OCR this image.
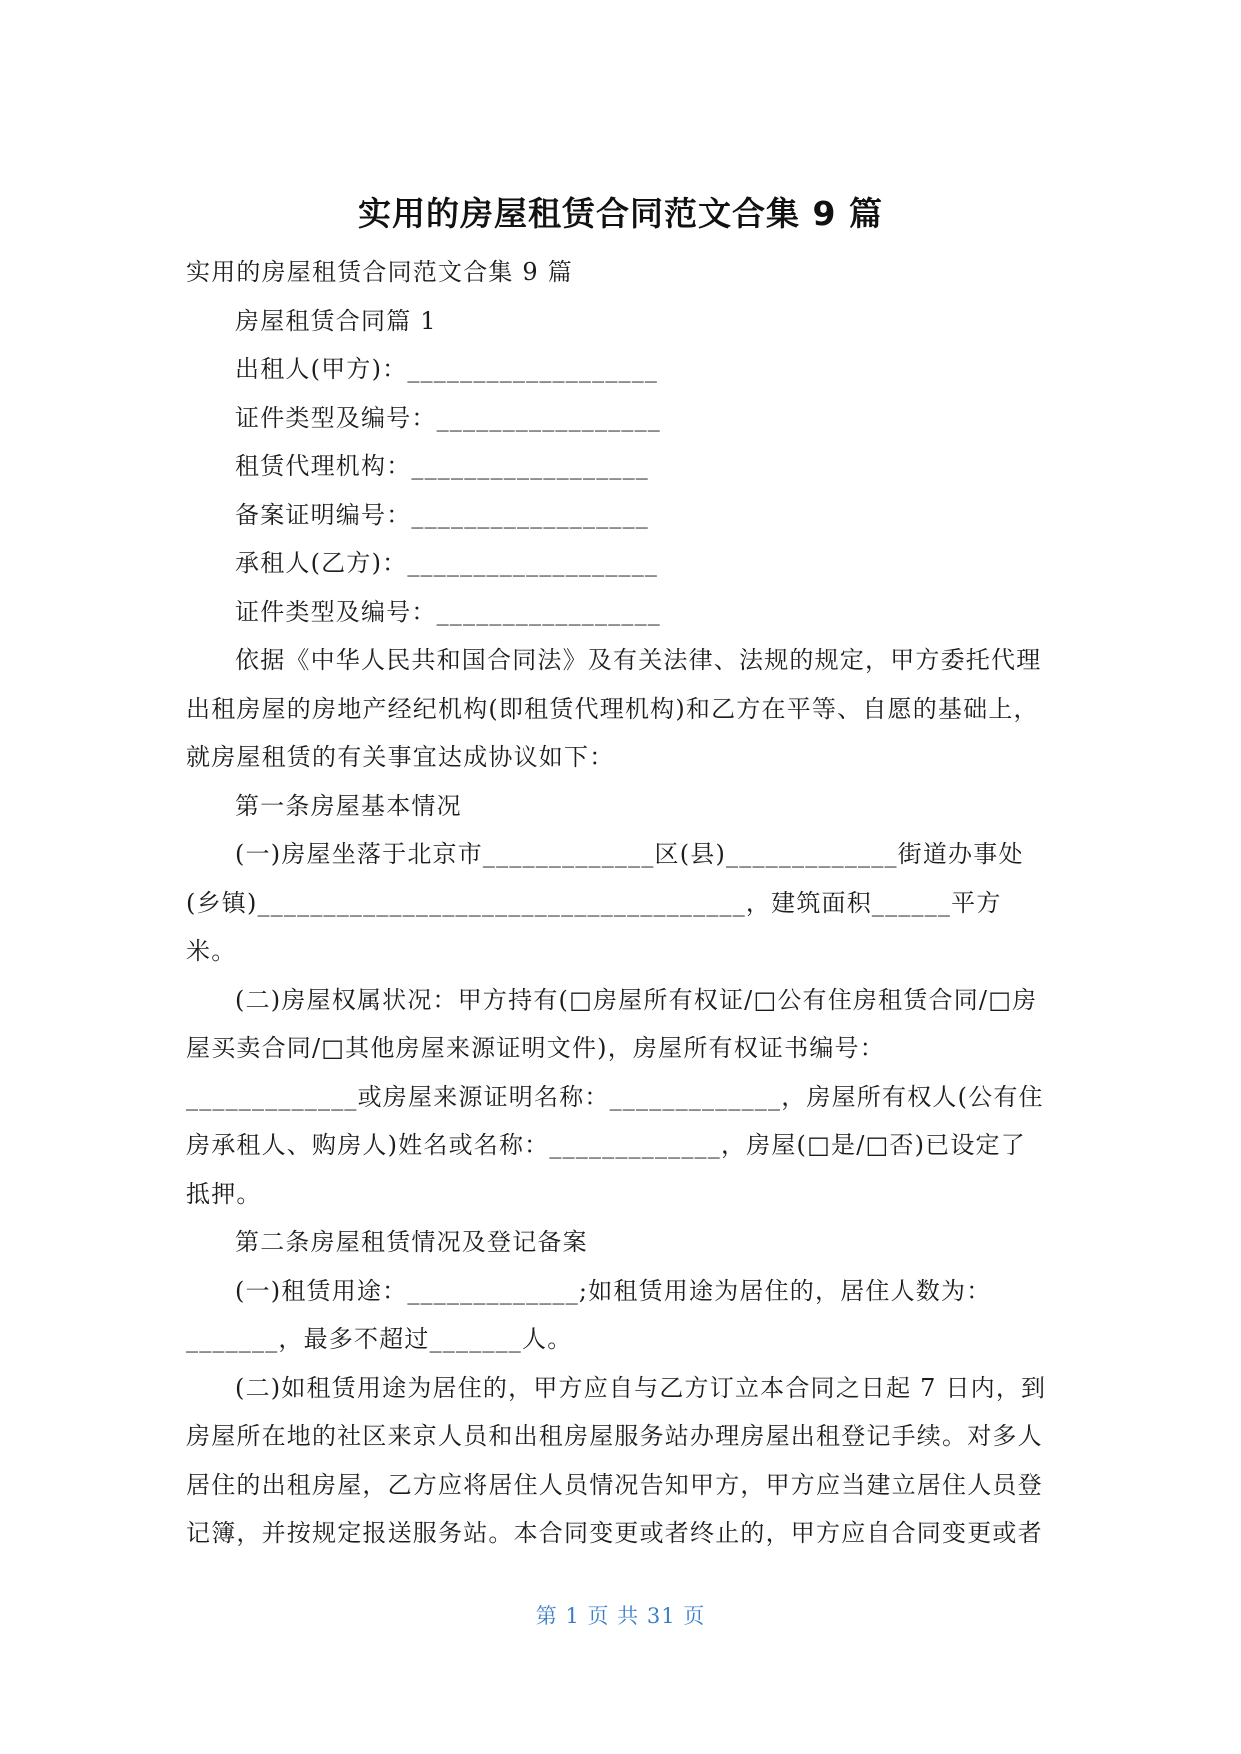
实用的房屋租赁合同范文合集 9 篇
实用的房屋租赁合同范文合集 9 篇
房屋租赁合同篇 1
出租人(甲方)：___________________
证件类型及编号：_________________
租赁代理机构：__________________
备案证明编号：__________________
承租人(乙方)：___________________
证件类型及编号：_________________
依据《中华人民共和国合同法》及有关法律、法规的规定，甲方委托代理
出租房屋的房地产经纪机构(即租赁代理机构)和乙方在平等、自愿的基础上，
就房屋租赁的有关事宜达成协议如下：
第一条房屋基本情况
(一)房屋坐落于北京市_____________区(县)_____________街道办事处
(乡镇)_____________________________________，建筑面积______平方
米。
(二)房屋权属状况：甲方持有(□房屋所有权证/□公有住房租赁合同/□房
屋买卖合同/□其他房屋来源证明文件)，房屋所有权证书编号：
_____________或房屋来源证明名称：_____________，房屋所有权人(公有住
房承租人、购房人)姓名或名称：_____________，房屋(□是/□否)已设定了
抵押。
第二条房屋租赁情况及登记备案
(一)租赁用途：_____________;如租赁用途为居住的，居住人数为：
_______，最多不超过_______人。
(二)如租赁用途为居住的，甲方应自与乙方订立本合同之日起 7 日内，到
房屋所在地的社区来京人员和出租房屋服务站办理房屋出租登记手续。对多人
居住的出租房屋，乙方应将居住人员情况告知甲方，甲方应当建立居住人员登
记簿，并按规定报送服务站。本合同变更或者终止的，甲方应自合同变更或者
第 1 页 共 31 页
